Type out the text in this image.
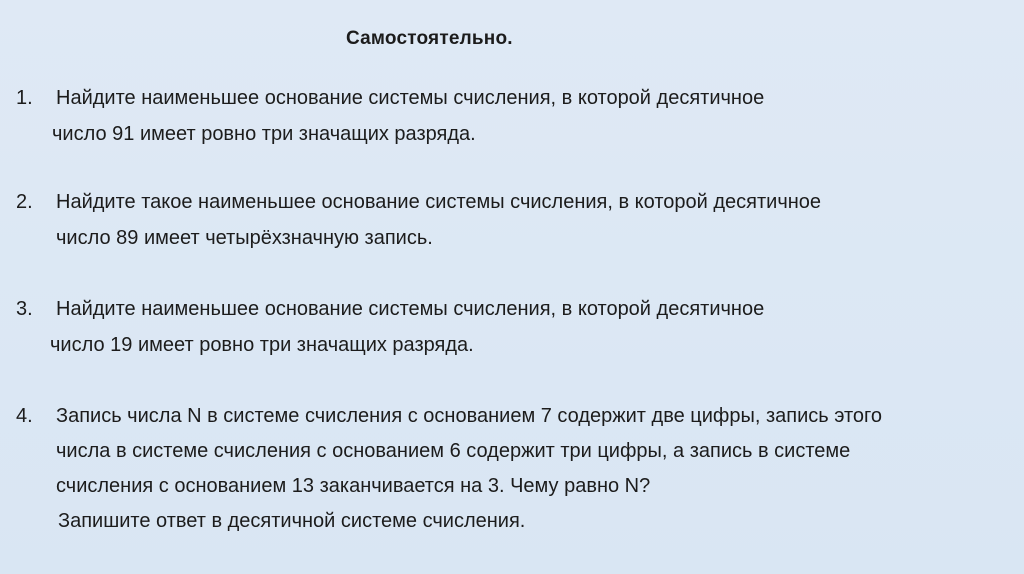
Самостоятельно.
1. Найдите наименьшее основание системы счисления, в которой десятичное
число 91 имеет ровно три значащих разряда.
2. Найдите такое наименьшее основание системы счисления, в которой десятичное
число 89 имеет четырёхзначную запись.
3. Найдите наименьшее основание системы счисления, в которой десятичное
число 19 имеет ровно три значащих разряда.
4. Запись числа N в системе счисления с основанием 7 содержит две цифры, запись этого
числа в системе счисления с основанием 6 содержит три цифры, а запись в системе
счисления с основанием 13 заканчивается на 3. Чему равно N?
Запишите ответ в десятичной системе счисления.
